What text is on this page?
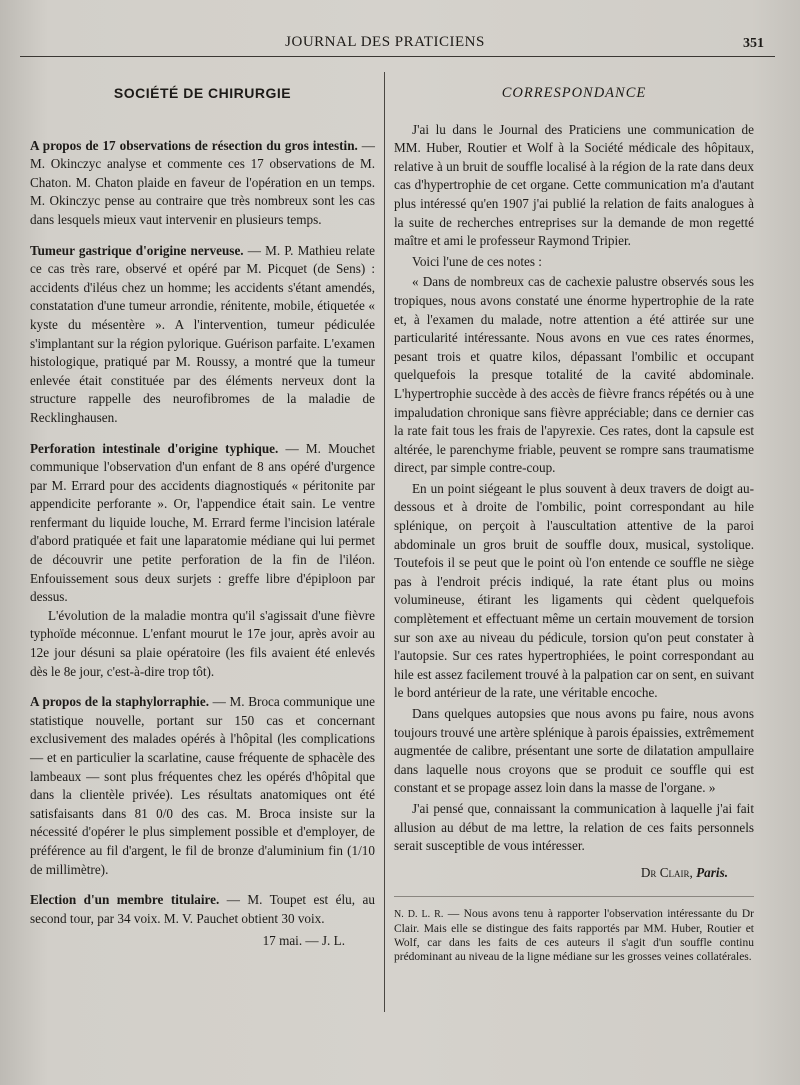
JOURNAL DES PRATICIENS	351
SOCIÉTÉ DE CHIRURGIE

A propos de 17 observations de résection du gros intestin. — M. Okinczyc analyse et commente ces 17 observations de M. Chaton. M. Chaton plaide en faveur de l'opération en un temps. M. Okinczyc pense au contraire que très nombreux sont les cas dans lesquels mieux vaut intervenir en plusieurs temps.

Tumeur gastrique d'origine nerveuse. — M. P. Mathieu relate ce cas très rare, observé et opéré par M. Picquet (de Sens) : accidents d'iléus chez un homme; les accidents s'étant amendés, constatation d'une tumeur arrondie, rénitente, mobile, étiquetée « kyste du mésentère ». A l'intervention, tumeur pédiculée s'implantant sur la région pylorique. Guérison parfaite. L'examen histologique, pratiqué par M. Roussy, a montré que la tumeur enlevée était constituée par des éléments nerveux dont la structure rappelle des neurofibromes de la maladie de Recklinghausen.

Perforation intestinale d'origine typhique. — M. Mouchet communique l'observation d'un enfant de 8 ans opéré d'urgence par M. Errard pour des accidents diagnostiqués « péritonite par appendicite perforante ». Or, l'appendice était sain. Le ventre renfermant du liquide louche, M. Errard ferme l'incision latérale d'abord pratiquée et fait une laparatomie médiane qui lui permet de découvrir une petite perforation de la fin de l'iléon. Enfouissement sous deux surjets : greffe libre d'épiploon par dessus.

L'évolution de la maladie montra qu'il s'agissait d'une fièvre typhoïde méconnue. L'enfant mourut le 17e jour, après avoir au 12e jour désuni sa plaie opératoire (les fils avaient été enlevés dès le 8e jour, c'est-à-dire trop tôt).

A propos de la staphylorraphie. — M. Broca communique une statistique nouvelle, portant sur 150 cas et concernant exclusivement des malades opérés à l'hôpital (les complications — et en particulier la scarlatine, cause fréquente de sphacèle des lambeaux — sont plus fréquentes chez les opérés d'hôpital que dans la clientèle privée). Les résultats anatomiques ont été satisfaisants dans 81 0/0 des cas. M. Broca insiste sur la nécessité d'opérer le plus simplement possible et d'employer, de préférence au fil d'argent, le fil de bronze d'aluminium fin (1/10 de millimètre).

Election d'un membre titulaire. — M. Toupet est élu, au second tour, par 34 voix. M. V. Pauchet obtient 30 voix.

17 mai. — J. L.
CORRESPONDANCE

J'ai lu dans le Journal des Praticiens une communication de MM. Huber, Routier et Wolf à la Société médicale des hôpitaux, relative à un bruit de souffle localisé à la région de la rate dans deux cas d'hypertrophie de cet organe. Cette communication m'a d'autant plus intéressé qu'en 1907 j'ai publié la relation de faits analogues à la suite de recherches entreprises sur la demande de mon regetté maître et ami le professeur Raymond Tripier.

Voici l'une de ces notes :

« Dans de nombreux cas de cachexie palustre observés sous les tropiques, nous avons constaté une énorme hypertrophie de la rate et, à l'examen du malade, notre attention a été attirée sur une particularité intéressante. Nous avons en vue ces rates énormes, pesant trois et quatre kilos, dépassant l'ombilic et occupant quelquefois la presque totalité de la cavité abdominale. L'hypertrophie succède à des accès de fièvre francs répétés ou à une impaludation chronique sans fièvre appréciable; dans ce dernier cas la rate fait tous les frais de l'apyrexie. Ces rates, dont la capsule est altérée, le parenchyme friable, peuvent se rompre sans traumatisme direct, par simple contre-coup.

En un point siégeant le plus souvent à deux travers de doigt au-dessous et à droite de l'ombilic, point correspondant au hile splénique, on perçoit à l'auscultation attentive de la paroi abdominale un gros bruit de souffle doux, musical, systolique. Toutefois il se peut que le point où l'on entende ce souffle ne siège pas à l'endroit précis indiqué, la rate étant plus ou moins volumineuse, étirant les ligaments qui cèdent quelquefois complètement et effectuant même un certain mouvement de torsion sur son axe au niveau du pédicule, torsion qu'on peut constater à l'autopsie. Sur ces rates hypertrophiées, le point correspondant au hile est assez facilement trouvé à la palpation car on sent, en suivant le bord antérieur de la rate, une véritable encoche.

Dans quelques autopsies que nous avons pu faire, nous avons toujours trouvé une artère splénique à parois épaissies, extrêmement augmentée de calibre, présentant une sorte de dilatation ampullaire dans laquelle nous croyons que se produit ce souffle qui est constant et se propage assez loin dans la masse de l'organe. »

J'ai pensé que, connaissant la communication à laquelle j'ai fait allusion au début de ma lettre, la relation de ces faits personnels serait susceptible de vous intéresser.

Dr Clair, Paris.
N. D. L. R. — Nous avons tenu à rapporter l'observation intéressante du Dr Clair. Mais elle se distingue des faits rapportés par MM. Huber, Routier et Wolf, car dans les faits de ces auteurs il s'agit d'un souffle continu prédominant au niveau de la ligne médiane sur les grosses veines collatérales.
